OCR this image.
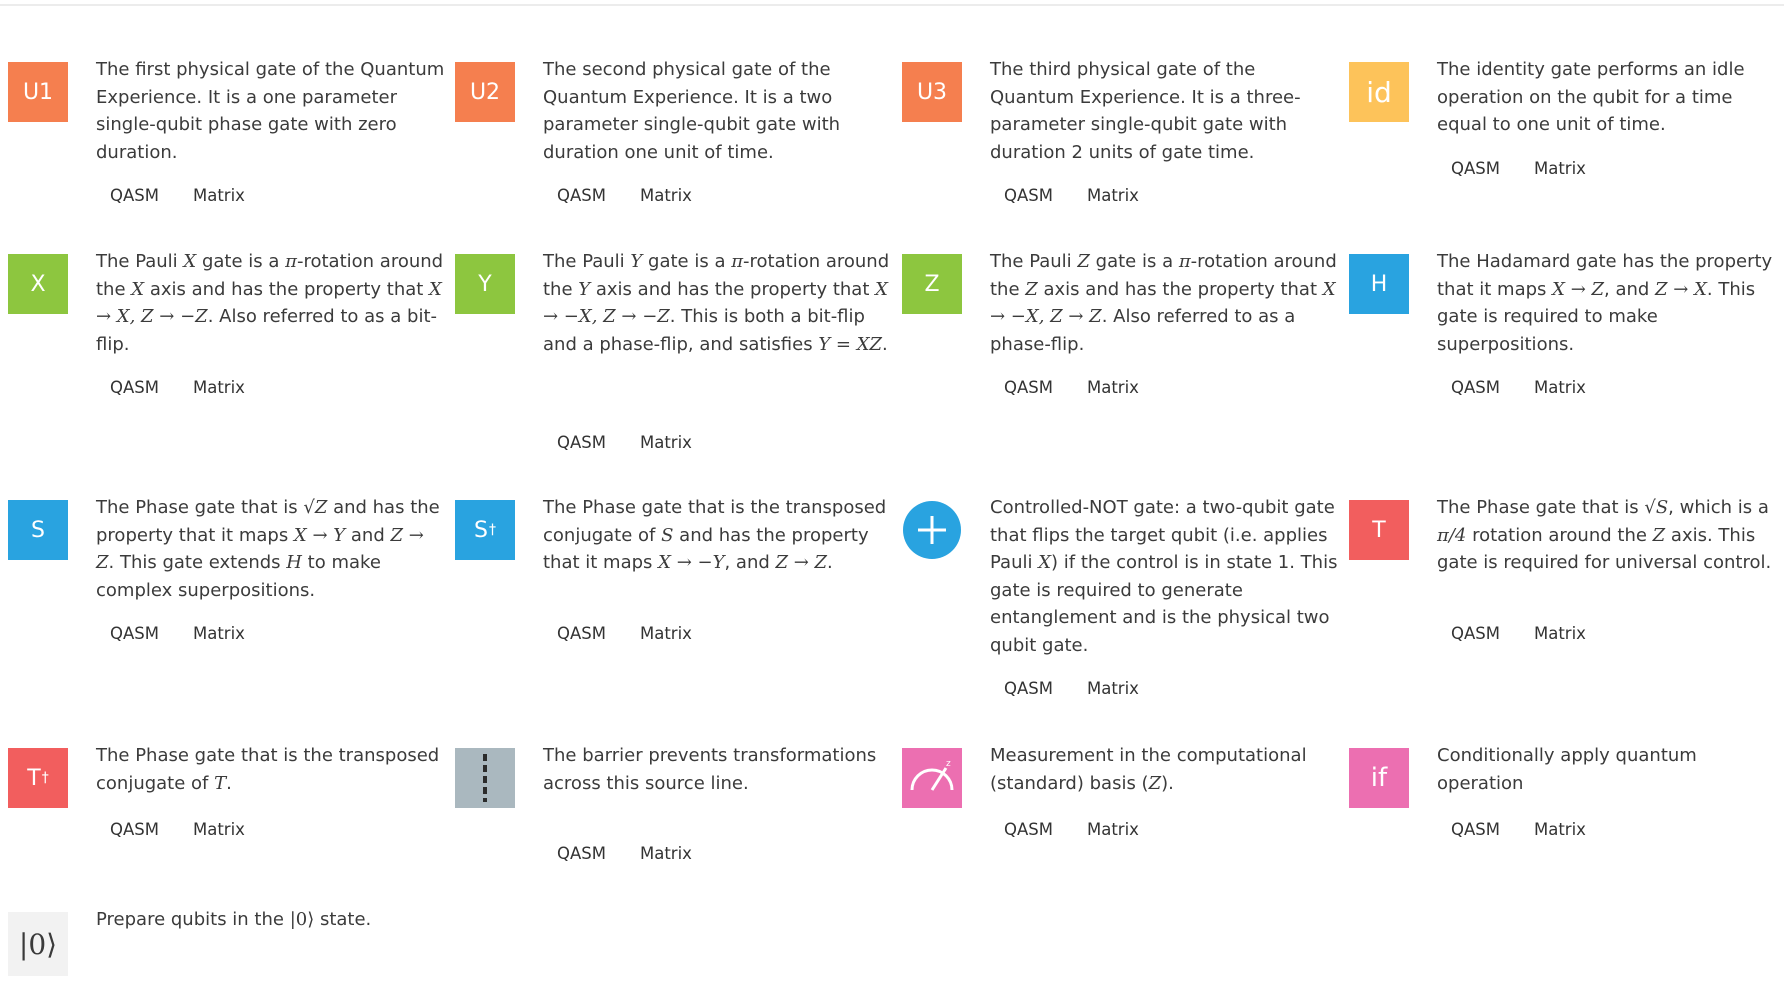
U1

The first physical gate of the Quantum Experience. It is a one parameter single-qubit phase gate with zero duration.

QASM Matrix
U2

The second physical gate of the Quantum Experience. It is a two parameter single-qubit gate with duration one unit of time.

QASM Matrix
U3

The third physical gate of the Quantum Experience. It is a three-parameter single-qubit gate with duration 2 units of gate time.

QASM Matrix
id

The identity gate performs an idle operation on the qubit for a time equal to one unit of time.

QASM Matrix
X

The Pauli X gate is a π-rotation around the X axis and has the property that X → X, Z → −Z. Also referred to as a bit-flip.

QASM Matrix
Y

The Pauli Y gate is a π-rotation around the Y axis and has the property that X → −X, Z → −Z. This is both a bit-flip and a phase-flip, and satisfies Y = XZ.

QASM Matrix
Z

The Pauli Z gate is a π-rotation around the Z axis and has the property that X → −X, Z → Z. Also referred to as a phase-flip.

QASM Matrix
H

The Hadamard gate has the property that it maps X → Z, and Z → X. This gate is required to make superpositions.

QASM Matrix
S

The Phase gate that is √Z and has the property that it maps X → Y and Z → Z. This gate extends H to make complex superpositions.

QASM Matrix
S †

The Phase gate that is the transposed conjugate of S and has the property that it maps X → −Y, and Z → Z.

QASM Matrix

Controlled-NOT gate: a two-qubit gate that flips the target qubit (i.e. applies Pauli X) if the control is in state 1. This gate is required to generate entanglement and is the physical two qubit gate.

QASM Matrix
T

The Phase gate that is √S, which is a π/4 rotation around the Z axis. This gate is required for universal control.

QASM Matrix
T †

The Phase gate that is the transposed conjugate of T.

QASM Matrix

The barrier prevents transformations across this source line.

QASM Matrix
z Measurement in the computational (standard) basis (Z).

QASM Matrix
if

Conditionally apply quantum operation

QASM Matrix
|0⟩

Prepare qubits in the |0⟩ state.
